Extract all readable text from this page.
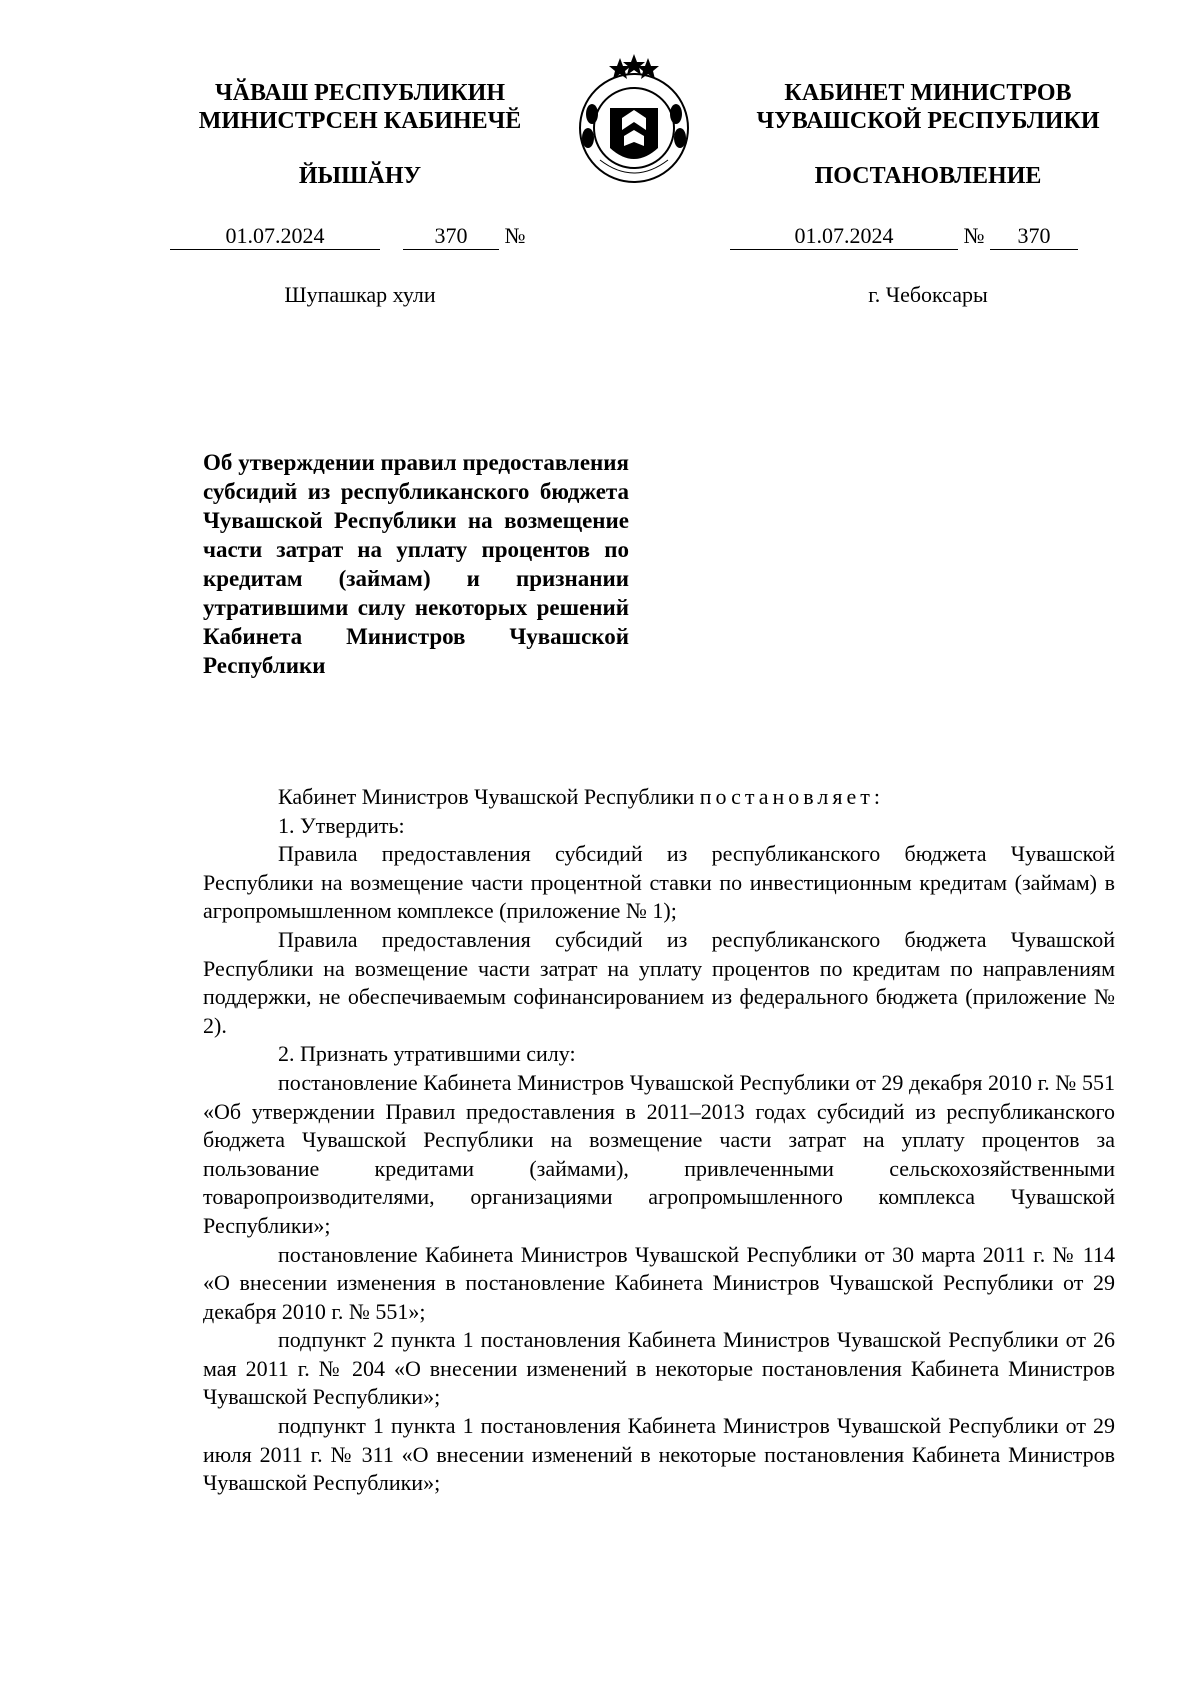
ЧӐВАШ РЕСПУБЛИКИН
МИНИСТРСЕН КАБИНЕЧӖ
ЙЫШӐНУ
КАБИНЕТ МИНИСТРОВ
ЧУВАШСКОЙ РЕСПУБЛИКИ
ПОСТАНОВЛЕНИЕ
01.07.2024	370 №	01.07.2024	№ 370
Шупашкар хули	г. Чебоксары
Об утверждении правил предоставления субсидий из республиканского бюджета Чувашской Республики на возмещение части затрат на уплату процентов по кредитам (займам) и признании утратившими силу некоторых решений Кабинета Министров Чувашской Республики

Кабинет Министров Чувашской Республики постановляет:

1. Утвердить:

Правила предоставления субсидий из республиканского бюджета Чувашской Республики на возмещение части процентной ставки по инвестиционным кредитам (займам) в агропромышленном комплексе (приложение № 1);

Правила предоставления субсидий из республиканского бюджета Чувашской Республики на возмещение части затрат на уплату процентов по кредитам по направлениям поддержки, не обеспечиваемым софинансированием из федерального бюджета (приложение № 2).

2. Признать утратившими силу:

постановление Кабинета Министров Чувашской Республики от 29 декабря 2010 г. № 551 «Об утверждении Правил предоставления в 2011–2013 годах субсидий из республиканского бюджета Чувашской Республики на возмещение части затрат на уплату процентов за пользование кредитами (займами), привлеченными сельскохозяйственными товаропроизводителями, организациями агропромышленного комплекса Чувашской Республики»;

постановление Кабинета Министров Чувашской Республики от 30 марта 2011 г. № 114 «О внесении изменения в постановление Кабинета Министров Чувашской Республики от 29 декабря 2010 г. № 551»;

подпункт 2 пункта 1 постановления Кабинета Министров Чувашской Республики от 26 мая 2011 г. № 204 «О внесении изменений в некоторые постановления Кабинета Министров Чувашской Республики»;

подпункт 1 пункта 1 постановления Кабинета Министров Чувашской Республики от 29 июля 2011 г. № 311 «О внесении изменений в некоторые постановления Кабинета Министров Чувашской Республики»;
